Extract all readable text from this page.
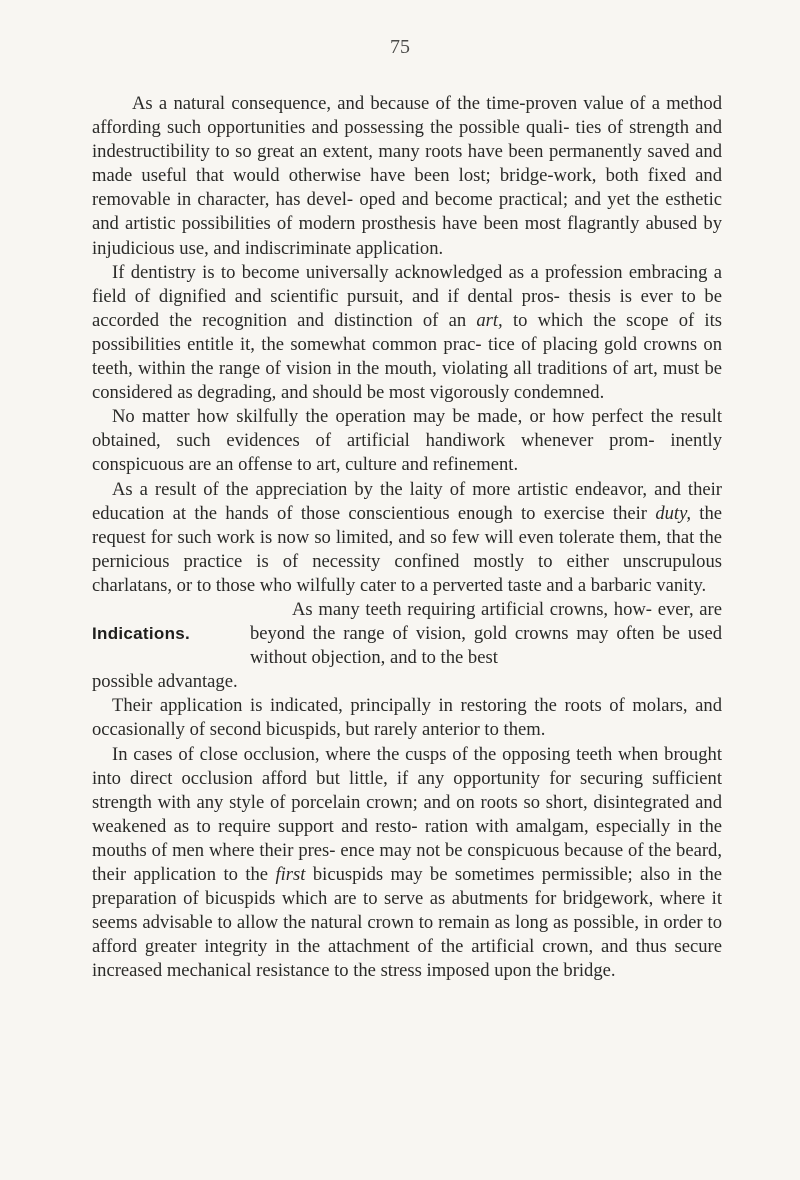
75

As a natural consequence, and because of the time-proven value of a method affording such opportunities and possessing the possible quali- ties of strength and indestructibility to so great an extent, many roots have been permanently saved and made useful that would otherwise have been lost; bridge-work, both fixed and removable in character, has devel- oped and become practical; and yet the esthetic and artistic possibilities of modern prosthesis have been most flagrantly abused by injudicious use, and indiscriminate application.

If dentistry is to become universally acknowledged as a profession embracing a field of dignified and scientific pursuit, and if dental pros- thesis is ever to be accorded the recognition and distinction of an art, to which the scope of its possibilities entitle it, the somewhat common prac- tice of placing gold crowns on teeth, within the range of vision in the mouth, violating all traditions of art, must be considered as degrading, and should be most vigorously condemned.

No matter how skilfully the operation may be made, or how perfect the result obtained, such evidences of artificial handiwork whenever prom- inently conspicuous are an offense to art, culture and refinement.

As a result of the appreciation by the laity of more artistic endeavor, and their education at the hands of those conscientious enough to exercise their duty, the request for such work is now so limited, and so few will even tolerate them, that the pernicious practice is of necessity confined mostly to either unscrupulous charlatans, or to those who wilfully cater to a perverted taste and a barbaric vanity.

Indications.

As many teeth requiring artificial crowns, how- ever, are beyond the range of vision, gold crowns may often be used without objection, and to the best

possible advantage.

Their application is indicated, principally in restoring the roots of molars, and occasionally of second bicuspids, but rarely anterior to them.

In cases of close occlusion, where the cusps of the opposing teeth when brought into direct occlusion afford but little, if any opportunity for securing sufficient strength with any style of porcelain crown; and on roots so short, disintegrated and weakened as to require support and resto- ration with amalgam, especially in the mouths of men where their pres- ence may not be conspicuous because of the beard, their application to the first bicuspids may be sometimes permissible; also in the preparation of bicuspids which are to serve as abutments for bridgework, where it seems advisable to allow the natural crown to remain as long as possible, in order to afford greater integrity in the attachment of the artificial crown, and thus secure increased mechanical resistance to the stress imposed upon the bridge.
